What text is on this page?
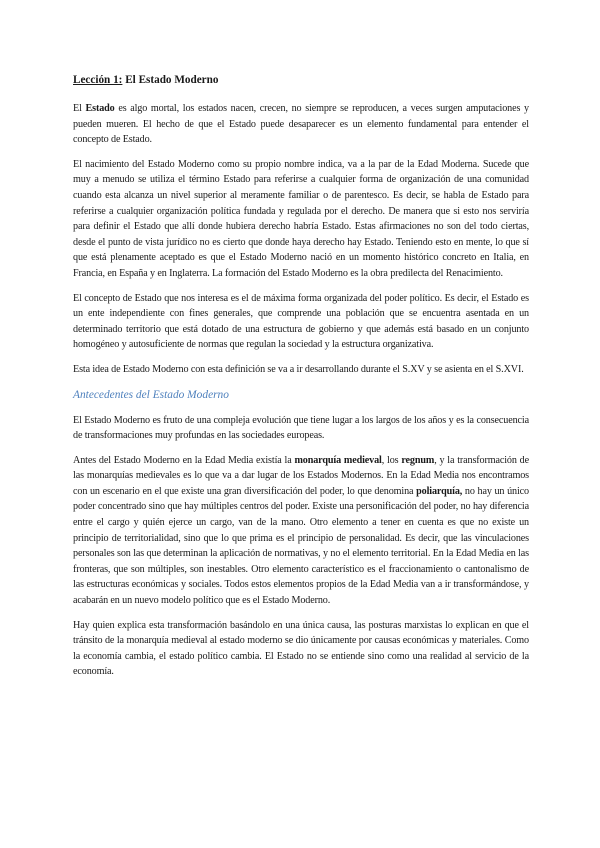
Lección 1: El Estado Moderno

El Estado es algo mortal, los estados nacen, crecen, no siempre se reproducen, a veces surgen amputaciones y pueden mueren. El hecho de que el Estado puede desaparecer es un elemento fundamental para entender el concepto de Estado.

El nacimiento del Estado Moderno como su propio nombre indica, va a la par de la Edad Moderna. Sucede que muy a menudo se utiliza el término Estado para referirse a cualquier forma de organización de una comunidad cuando esta alcanza un nivel superior al meramente familiar o de parentesco. Es decir, se habla de Estado para referirse a cualquier organización política fundada y regulada por el derecho. De manera que si esto nos serviría para definir el Estado que allí donde hubiera derecho habría Estado. Estas afirmaciones no son del todo ciertas, desde el punto de vista jurídico no es cierto que donde haya derecho hay Estado. Teniendo esto en mente, lo que sí que está plenamente aceptado es que el Estado Moderno nació en un momento histórico concreto en Italia, en Francia, en España y en Inglaterra. La formación del Estado Moderno es la obra predilecta del Renacimiento.

El concepto de Estado que nos interesa es el de máxima forma organizada del poder político. Es decir, el Estado es un ente independiente con fines generales, que comprende una población que se encuentra asentada en un determinado territorio que está dotado de una estructura de gobierno y que además está basado en un conjunto homogéneo y autosuficiente de normas que regulan la sociedad y la estructura organizativa.

Esta idea de Estado Moderno con esta definición se va a ir desarrollando durante el S.XV y se asienta en el S.XVI.

Antecedentes del Estado Moderno

El Estado Moderno es fruto de una compleja evolución que tiene lugar a los largos de los años y es la consecuencia de transformaciones muy profundas en las sociedades europeas.

Antes del Estado Moderno en la Edad Media existía la monarquía medieval, los regnum, y la transformación de las monarquías medievales es lo que va a dar lugar de los Estados Modernos. En la Edad Media nos encontramos con un escenario en el que existe una gran diversificación del poder, lo que denomina poliarquía, no hay un único poder concentrado sino que hay múltiples centros del poder. Existe una personificación del poder, no hay diferencia entre el cargo y quién ejerce un cargo, van de la mano. Otro elemento a tener en cuenta es que no existe un principio de territorialidad, sino que lo que prima es el principio de personalidad. Es decir, que las vinculaciones personales son las que determinan la aplicación de normativas, y no el elemento territorial. En la Edad Media en las fronteras, que son múltiples, son inestables. Otro elemento característico es el fraccionamiento o cantonalismo de las estructuras económicas y sociales. Todos estos elementos propios de la Edad Media van a ir transformándose, y acabarán en un nuevo modelo político que es el Estado Moderno.

Hay quien explica esta transformación basándolo en una única causa, las posturas marxistas lo explican en que el tránsito de la monarquía medieval al estado moderno se dio únicamente por causas económicas y materiales. Como la economía cambia, el estado político cambia. El Estado no se entiende sino como una realidad al servicio de la economía.
